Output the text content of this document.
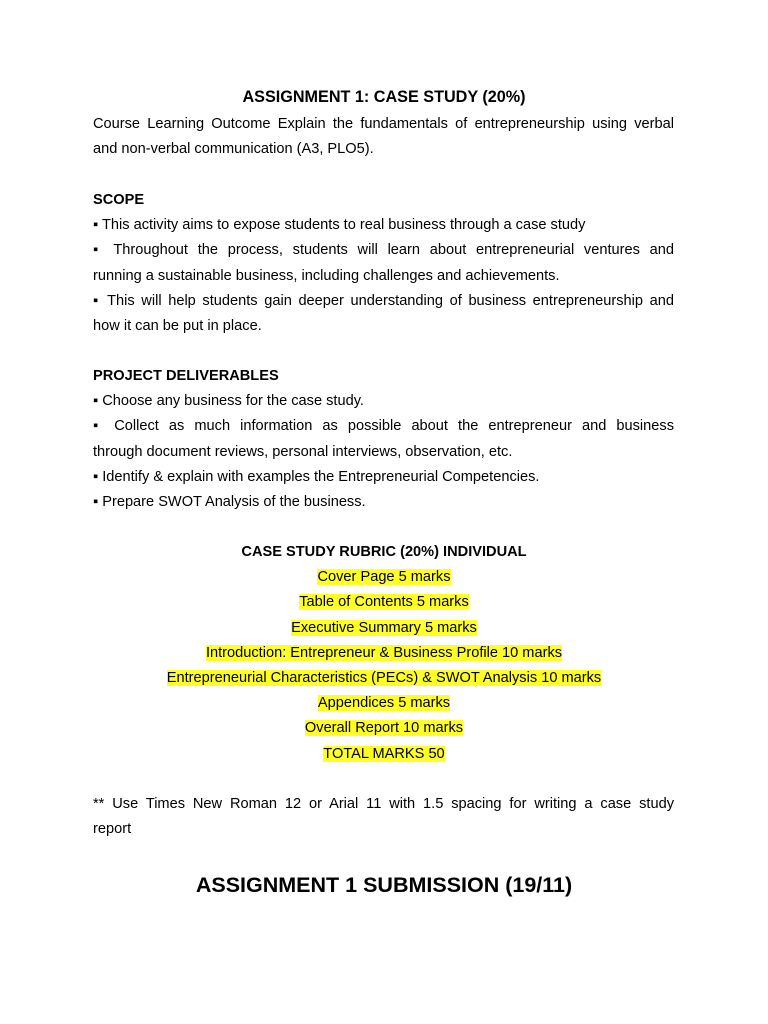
ASSIGNMENT 1: CASE STUDY (20%)
Course Learning Outcome Explain the fundamentals of entrepreneurship using verbal
and non-verbal communication (A3, PLO5).
SCOPE
▪ This activity aims to expose students to real business through a case study
▪ Throughout the process, students will learn about entrepreneurial ventures and
running a sustainable business, including challenges and achievements.
▪ This will help students gain deeper understanding of business entrepreneurship and
how it can be put in place.
PROJECT DELIVERABLES
▪ Choose any business for the case study.
▪ Collect as much information as possible about the entrepreneur and business
through document reviews, personal interviews, observation, etc.
▪ Identify & explain with examples the Entrepreneurial Competencies.
▪ Prepare SWOT Analysis of the business.
CASE STUDY RUBRIC (20%) INDIVIDUAL
Cover Page 5 marks
Table of Contents 5 marks
Executive Summary 5 marks
Introduction: Entrepreneur & Business Profile 10 marks
Entrepreneurial Characteristics (PECs) & SWOT Analysis 10 marks
Appendices 5 marks
Overall Report 10 marks
TOTAL MARKS 50
** Use Times New Roman 12 or Arial 11 with 1.5 spacing for writing a case study
report
ASSIGNMENT 1 SUBMISSION (19/11)
